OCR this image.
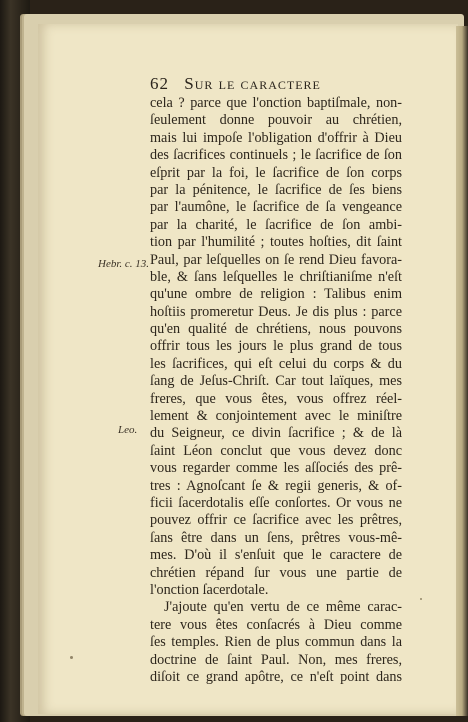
62 Sur le caractere
Hebr. c. 13.
Leo.
cela ? parce que l'onction baptiſmale, non-
ſeulement donne pouvoir au chrétien,
mais lui impoſe l'obligation d'offrir à Dieu
des ſacrifices continuels ; le ſacrifice de ſon
eſprit par la foi, le ſacrifice de ſon corps
par la pénitence, le ſacrifice de ſes biens
par l'aumône, le ſacrifice de ſa vengeance
par la charité, le ſacrifice de ſon ambi-
tion par l'humilité ; toutes hoſties, dit ſaint
Paul, par leſquelles on ſe rend Dieu favora-
ble, & ſans leſquelles le chriſtianiſme n'eſt
qu'une ombre de religion : Talibus enim
hoſtiis promeretur Deus. Je dis plus : parce
qu'en qualité de chrétiens, nous pouvons
offrir tous les jours le plus grand de tous
les ſacrifices, qui eſt celui du corps & du
ſang de Jeſus-Chriſt. Car tout laïques, mes
freres, que vous êtes, vous offrez réel-
lement & conjointement avec le miniſtre
du Seigneur, ce divin ſacrifice ; & de là
ſaint Léon conclut que vous devez donc
vous regarder comme les aſſociés des prê-
tres : Agnoſcant ſe & regii generis, & of-
ficii ſacerdotalis eſſe conſortes. Or vous ne
pouvez offrir ce ſacrifice avec les prêtres,
ſans être dans un ſens, prêtres vous-mê-
mes. D'où il s'enſuit que le caractere de
chrétien répand ſur vous une partie de
l'onction ſacerdotale.
J'ajoute qu'en vertu de ce même carac-
tere vous êtes conſacrés à Dieu comme
ſes temples. Rien de plus commun dans la
doctrine de ſaint Paul. Non, mes freres,
diſoit ce grand apôtre, ce n'eſt point dans
